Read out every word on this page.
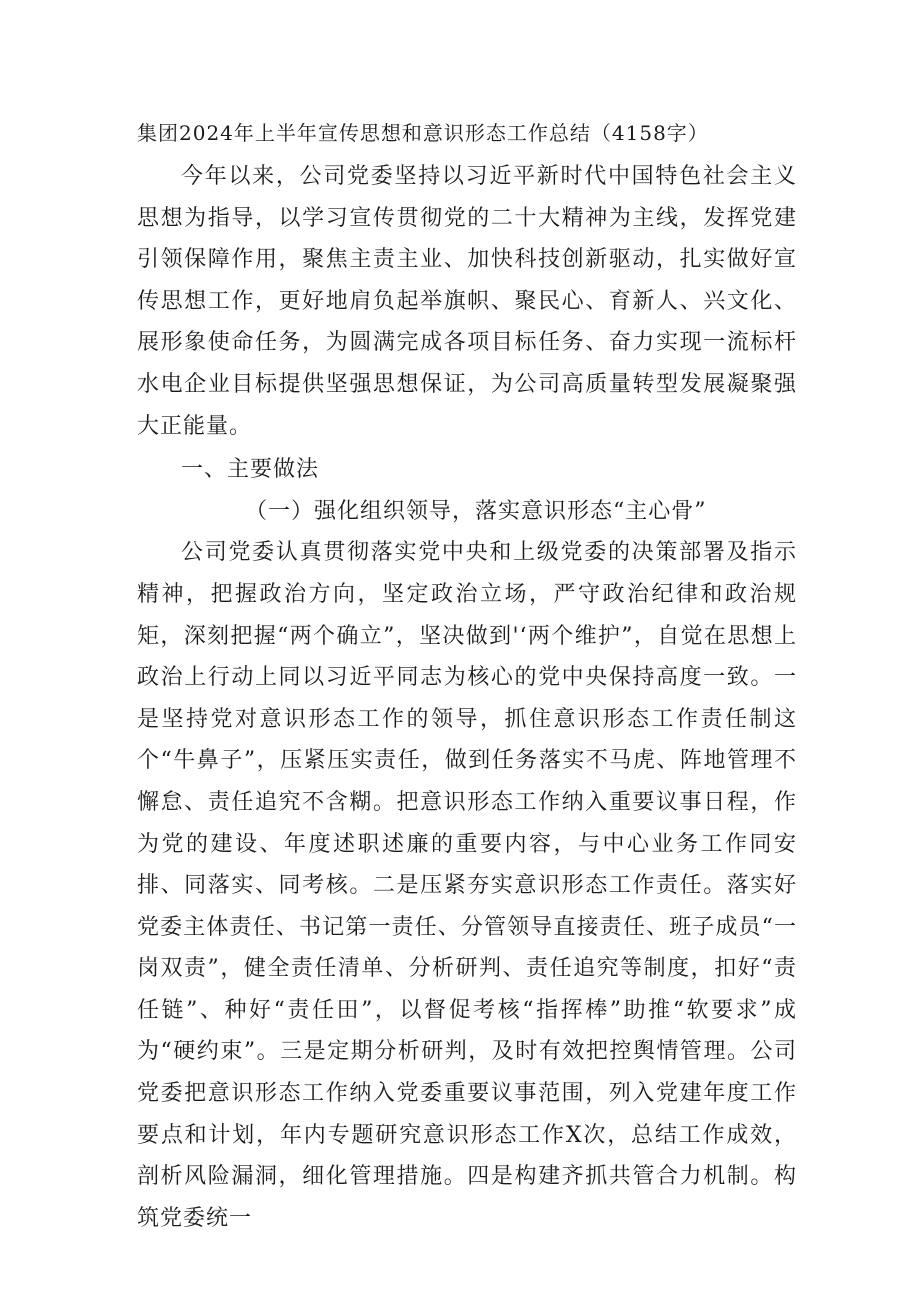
集团2024年上半年宣传思想和意识形态工作总结（4158字）

今年以来，公司党委坚持以习近平新时代中国特色社会主义思想为指导，以学习宣传贯彻党的二十大精神为主线，发挥党建引领保障作用，聚焦主责主业、加快科技创新驱动，扎实做好宣传思想工作，更好地肩负起举旗帜、聚民心、育新人、兴文化、展形象使命任务，为圆满完成各项目标任务、奋力实现一流标杆水电企业目标提供坚强思想保证，为公司高质量转型发展凝聚强大正能量。

一、主要做法

（一）强化组织领导，落实意识形态“主心骨”

公司党委认真贯彻落实党中央和上级党委的决策部署及指示精神，把握政治方向，坚定政治立场，严守政治纪律和政治规矩，深刻把握“两个确立”，坚决做到'‘两个维护”，自觉在思想上政治上行动上同以习近平同志为核心的党中央保持高度一致。一是坚持党对意识形态工作的领导，抓住意识形态工作责任制这个“牛鼻子”，压紧压实责任，做到任务落实不马虎、阵地管理不懈怠、责任追究不含糊。把意识形态工作纳入重要议事日程，作为党的建设、年度述职述廉的重要内容，与中心业务工作同安排、同落实、同考核。二是压紧夯实意识形态工作责任。落实好党委主体责任、书记第一责任、分管领导直接责任、班子成员“一岗双责”，健全责任清单、分析研判、责任追究等制度，扣好“责任链”、种好“责任田”，以督促考核“指挥棒”助推“软要求”成为“硬约束”。三是定期分析研判，及时有效把控舆情管理。公司党委把意识形态工作纳入党委重要议事范围，列入党建年度工作要点和计划，年内专题研究意识形态工作X次，总结工作成效，剖析风险漏洞，细化管理措施。四是构建齐抓共管合力机制。构筑党委统一
